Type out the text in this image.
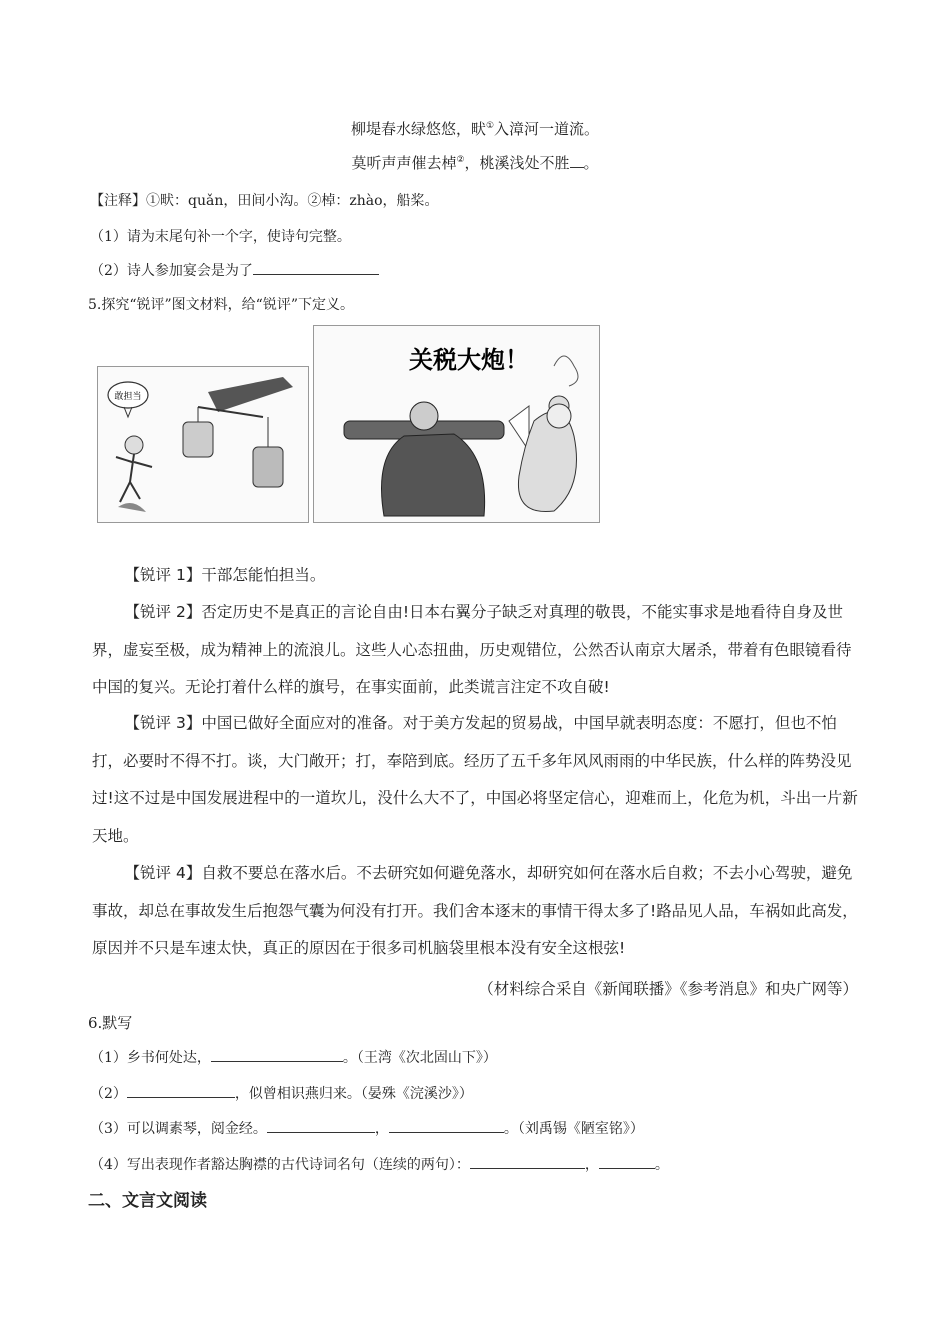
柳堤春水绿悠悠，畎①入漳河一道流。
莫听声声催去棹②，桃溪浅处不胜 。
【注释】①畎：quǎn，田间小沟。②棹：zhào，船桨。
（1）请为末尾句补一个字，使诗句完整。
（2）诗人参加宴会是为了
5.探究“锐评”图文材料，给“锐评”下定义。
敢担当
关税大炮！
【锐评 1】干部怎能怕担当。
【锐评 2】否定历史不是真正的言论自由!日本右翼分子缺乏对真理的敬畏，不能实事求是地看待自身及世界，虚妄至极，成为精神上的流浪儿。这些人心态扭曲，历史观错位，公然否认南京大屠杀，带着有色眼镜看待中国的复兴。无论打着什么样的旗号，在事实面前，此类谎言注定不攻自破!
【锐评 3】中国已做好全面应对的准备。对于美方发起的贸易战，中国早就表明态度：不愿打，但也不怕打，必要时不得不打。谈，大门敞开；打，奉陪到底。经历了五千多年风风雨雨的中华民族，什么样的阵势没见过!这不过是中国发展进程中的一道坎儿，没什么大不了，中国必将坚定信心，迎难而上，化危为机，斗出一片新天地。
【锐评 4】自救不要总在落水后。不去研究如何避免落水，却研究如何在落水后自救；不去小心驾驶，避免事故，却总在事故发生后抱怨气囊为何没有打开。我们舍本逐末的事情干得太多了!路品见人品，车祸如此高发，原因并不只是车速太快，真正的原因在于很多司机脑袋里根本没有安全这根弦!
（材料综合采自《新闻联播》《参考消息》和央广网等）
6.默写
（1）乡书何处达，	。（王湾《次北固山下》）
（2）	，似曾相识燕归来。（晏殊《浣溪沙》）
（3）可以调素琴，阅金经。	，	。（刘禹锡《陋室铭》）
（4）写出表现作者豁达胸襟的古代诗词名句（连续的两句）：	，	。
二、文言文阅读
